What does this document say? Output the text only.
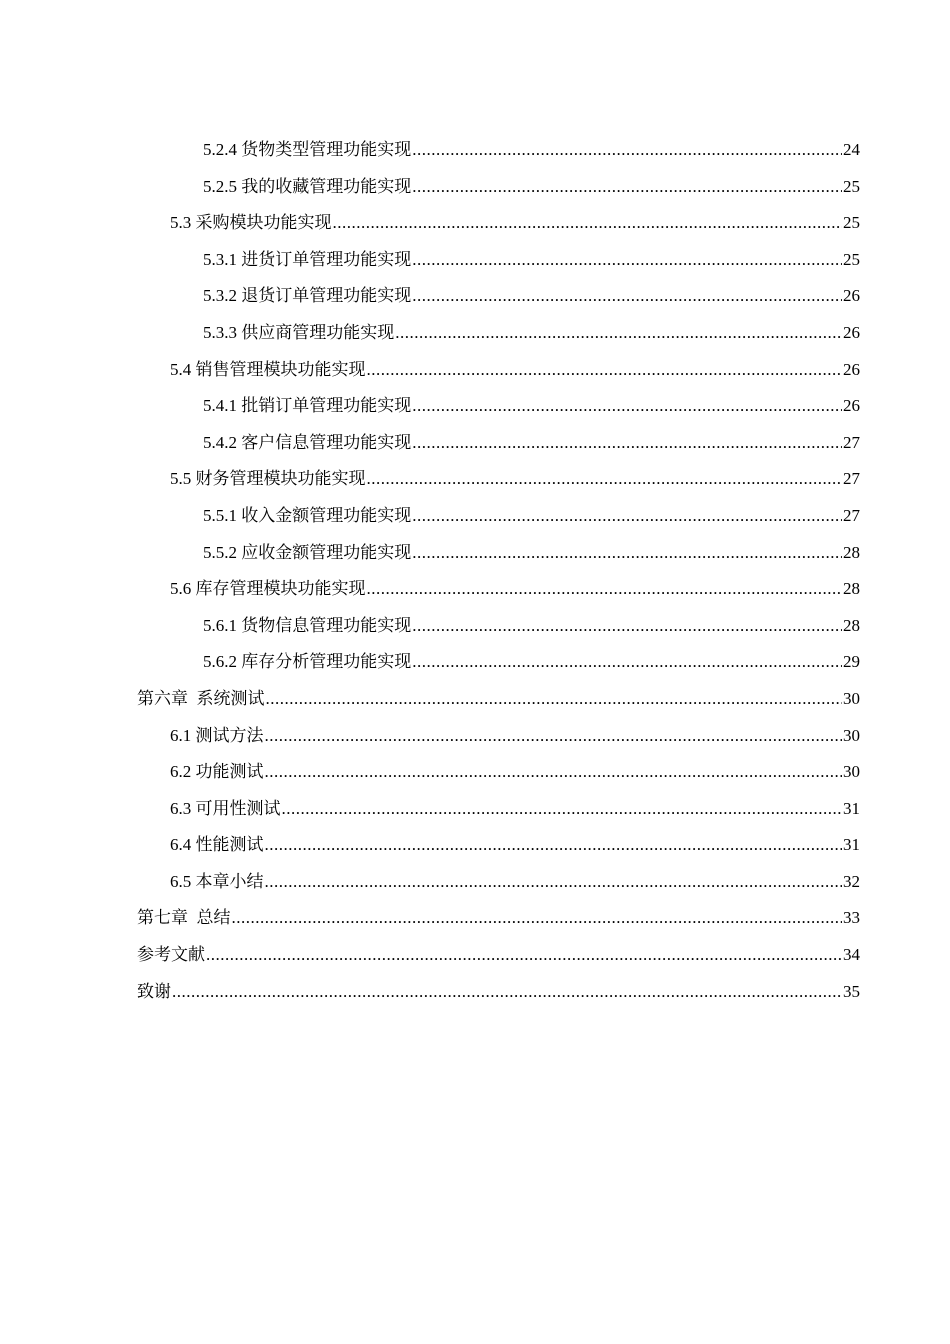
5.2.4 货物类型管理功能实现 .....	24
5.2.5 我的收藏管理功能实现 .....	25
5.3 采购模块功能实现 .....	25
5.3.1 进货订单管理功能实现 .....	25
5.3.2 退货订单管理功能实现 .....	26
5.3.3 供应商管理功能实现 .....	26
5.4 销售管理模块功能实现 .....	26
5.4.1 批销订单管理功能实现 .....	26
5.4.2 客户信息管理功能实现 .....	27
5.5 财务管理模块功能实现 .....	27
5.5.1 收入金额管理功能实现 .....	27
5.5.2 应收金额管理功能实现 .....	28
5.6 库存管理模块功能实现 .....	28
5.6.1 货物信息管理功能实现 .....	28
5.6.2 库存分析管理功能实现 .....	29
第六章  系统测试 .....	30
6.1 测试方法 .....	30
6.2 功能测试 .....	30
6.3 可用性测试 .....	31
6.4 性能测试 .....	31
6.5 本章小结 .....	32
第七章  总结 .....	33
参考文献 .....	34
致谢 .....	35
